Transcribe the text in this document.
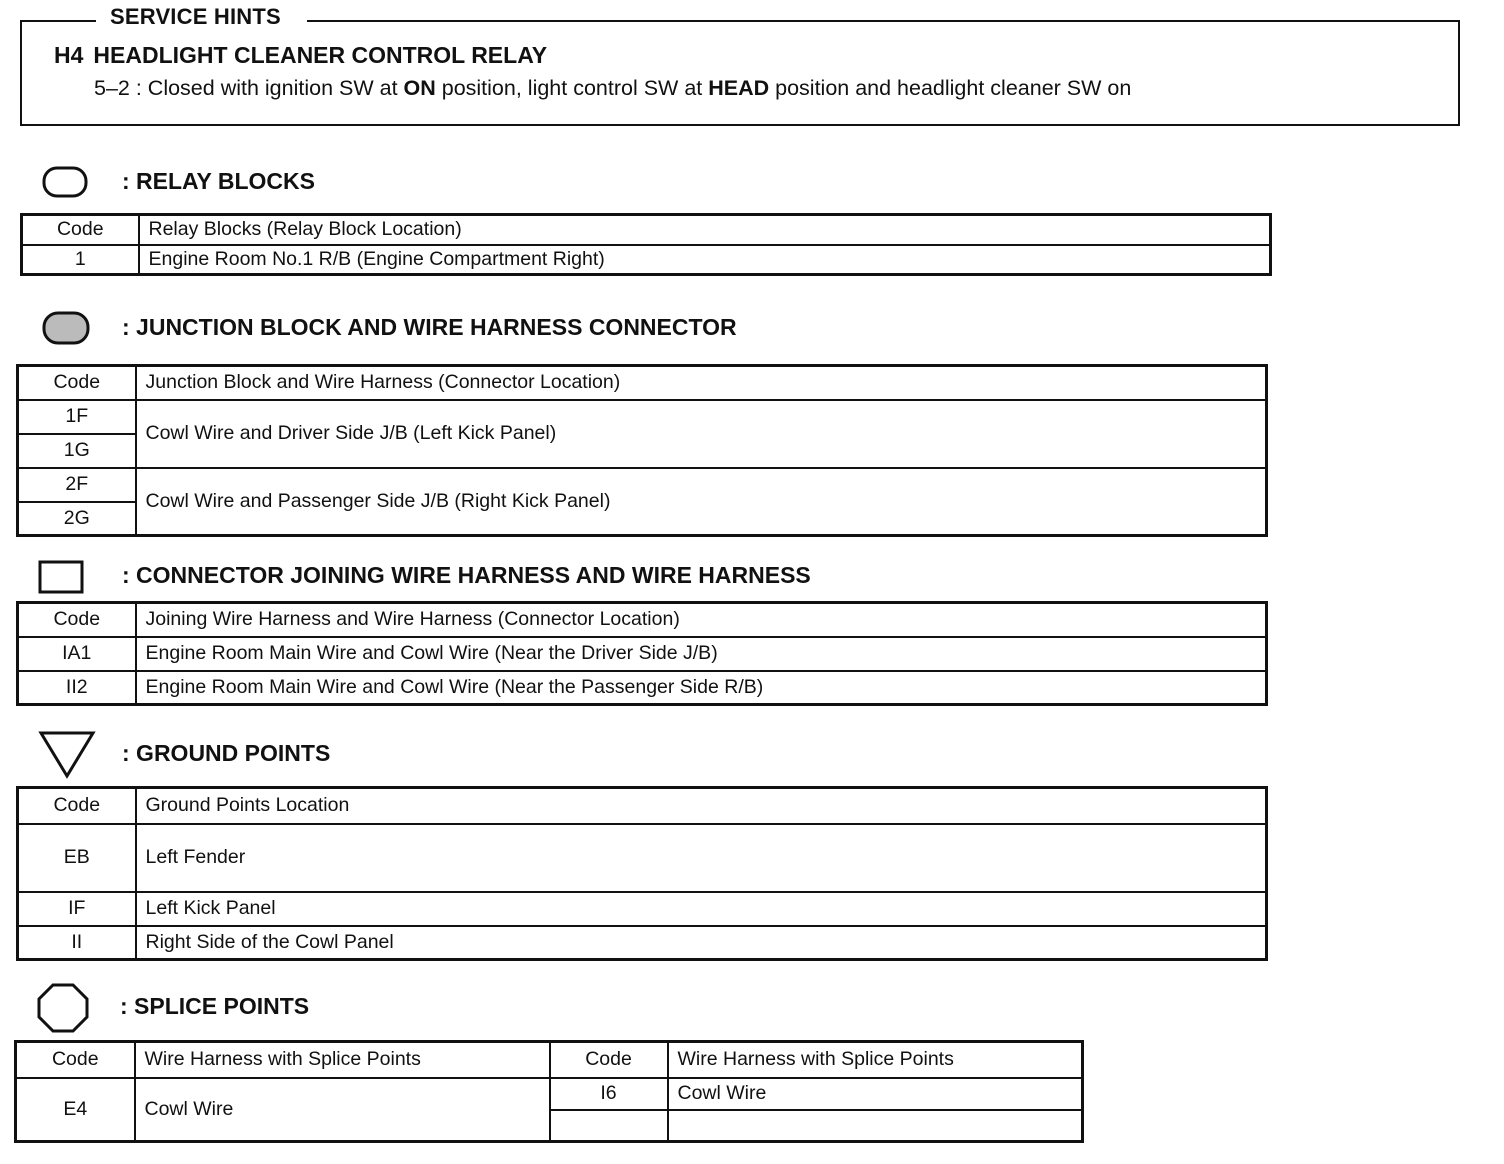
SERVICE HINTS
H4 HEADLIGHT CLEANER CONTROL RELAY
5–2 : Closed with ignition SW at ON position, light control SW at HEAD position and headlight cleaner SW on
: RELAY BLOCKS
Code	Relay Blocks (Relay Block Location)
1	Engine Room No.1 R/B (Engine Compartment Right)
: JUNCTION BLOCK AND WIRE HARNESS CONNECTOR
Code	Junction Block and Wire Harness (Connector Location)
1F	Cowl Wire and Driver Side J/B (Left Kick Panel)
1G	
2F	Cowl Wire and Passenger Side J/B (Right Kick Panel)
2G	
: CONNECTOR JOINING WIRE HARNESS AND WIRE HARNESS
Code	Joining Wire Harness and Wire Harness (Connector Location)
IA1	Engine Room Main Wire and Cowl Wire (Near the Driver Side J/B)
II2	Engine Room Main Wire and Cowl Wire (Near the Passenger Side R/B)
: GROUND POINTS
Code	Ground Points Location
EB	Left Fender
IF	Left Kick Panel
II	Right Side of the Cowl Panel
: SPLICE POINTS
Code	Wire Harness with Splice Points	Code	Wire Harness with Splice Points
E4	Cowl Wire	I6	Cowl Wire
